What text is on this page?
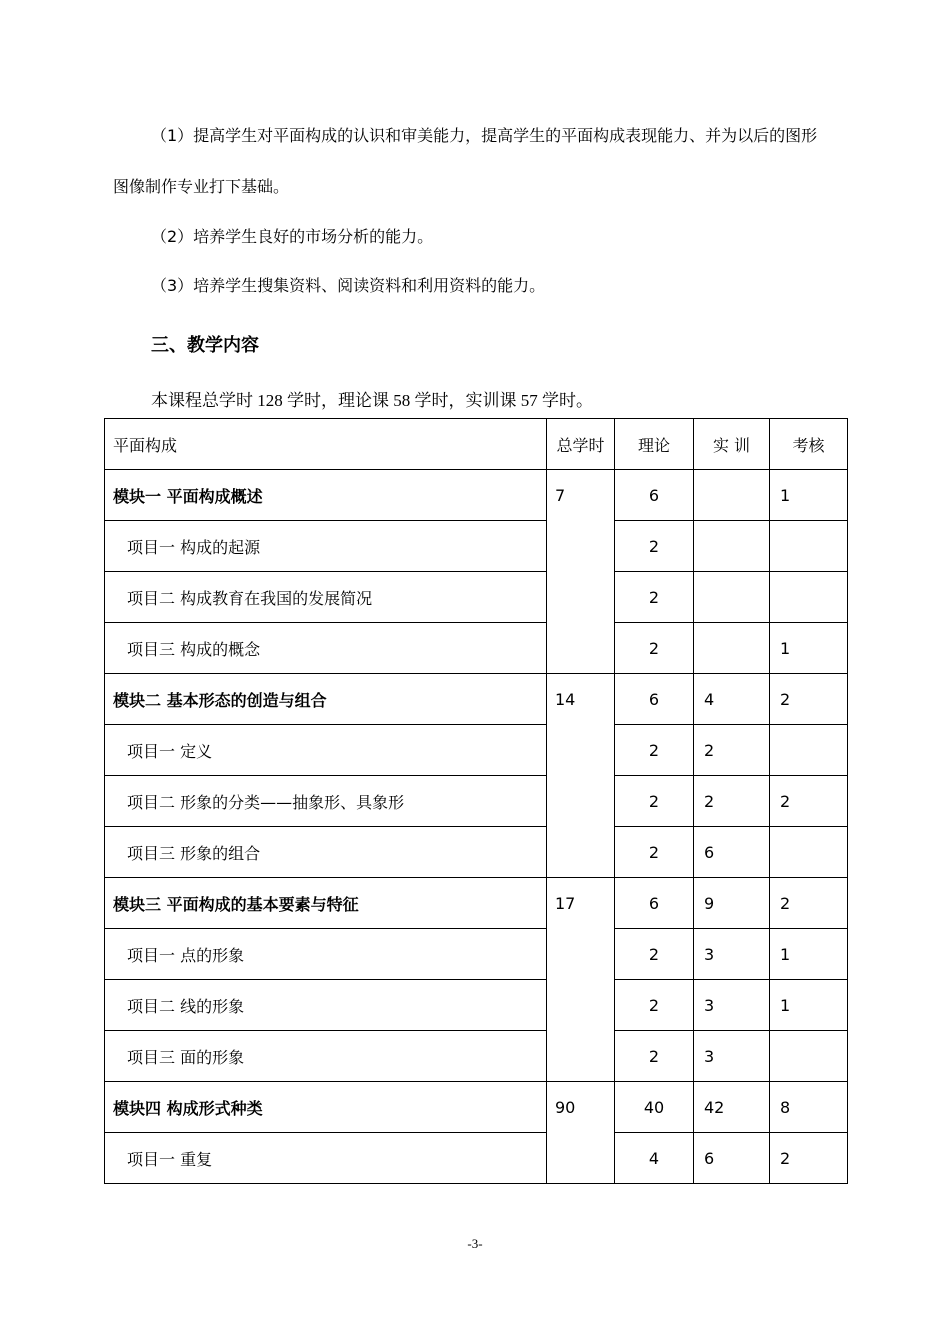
（1）提高学生对平面构成的认识和审美能力，提高学生的平面构成表现能力、并为以后的图形
图像制作专业打下基础。
（2）培养学生良好的市场分析的能力。
（3）培养学生搜集资料、阅读资料和利用资料的能力。
三、教学内容
本课程总学时 128 学时，理论课 58 学时，实训课 57 学时。
平面构成	总学时	理论	实 训	考核
模块一 平面构成概述	7	6		1
项目一 构成的起源		2		
项目二 构成教育在我国的发展简况		2		
项目三 构成的概念		2		1
模块二 基本形态的创造与组合	14	6	4	2
项目一 定义		2	2	
项目二 形象的分类——抽象形、具象形		2	2	2
项目三 形象的组合		2	6	
模块三 平面构成的基本要素与特征	17	6	9	2
项目一 点的形象		2	3	1
项目二 线的形象		2	3	1
项目三 面的形象		2	3	
模块四 构成形式种类	90	40	42	8
项目一 重复		4	6	2
-3-
